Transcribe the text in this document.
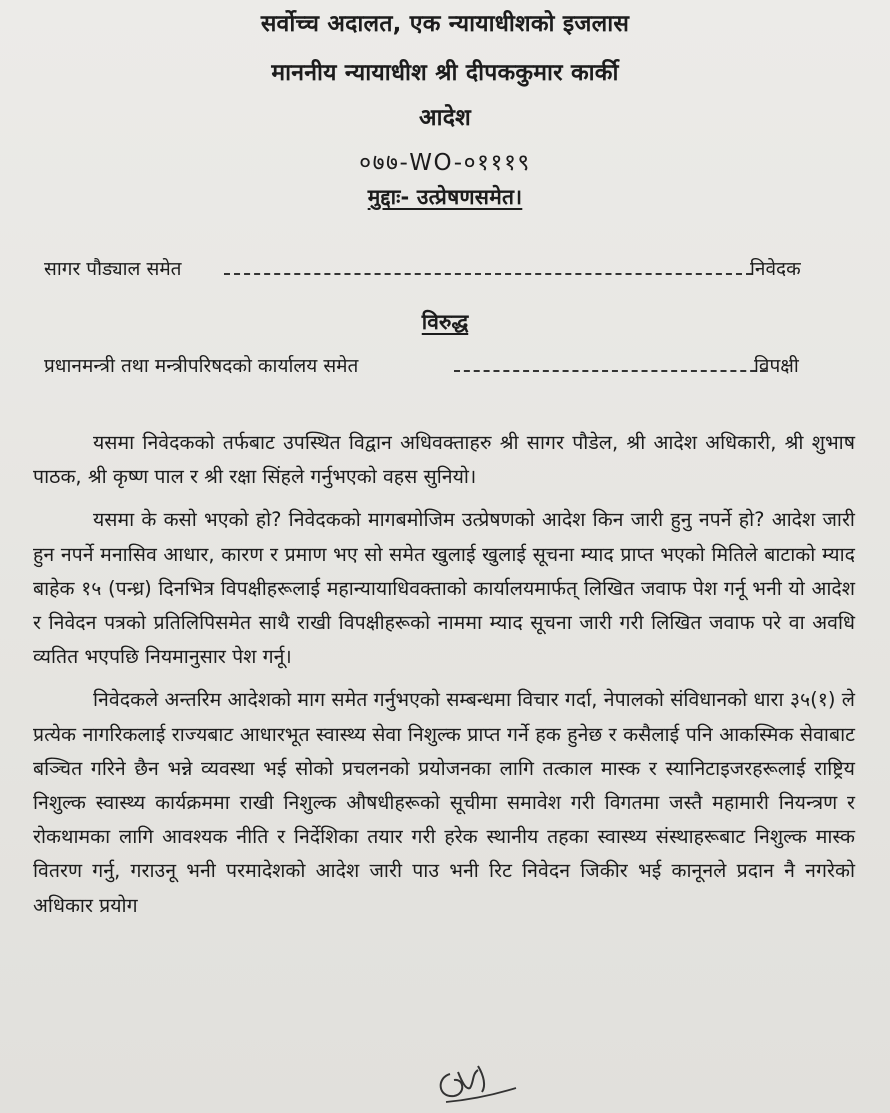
सर्वोच्च अदालत, एक न्यायाधीशको इजलास
माननीय न्यायाधीश श्री दीपककुमार कार्की
आदेश
०७७-WO-०१११९
मुद्दाः- उत्प्रेषणसमेत।
सागर पौड्याल समेत	निवेदक
विरुद्ध
प्रधानमन्त्री तथा मन्त्रीपरिषदको कार्यालय समेत	विपक्षी

यसमा निवेदकको तर्फबाट उपस्थित विद्वान अधिवक्ताहरु श्री सागर पौडेल, श्री आदेश अधिकारी, श्री शुभाष पाठक, श्री कृष्ण पाल र श्री रक्षा सिंहले गर्नुभएको वहस सुनियो।

यसमा के कसो भएको हो? निवेदकको मागबमोजिम उत्प्रेषणको आदेश किन जारी हुनु नपर्ने हो? आदेश जारी हुन नपर्ने मनासिव आधार, कारण र प्रमाण भए सो समेत खुलाई खुलाई सूचना म्याद प्राप्त भएको मितिले बाटाको म्याद बाहेक १५ (पन्ध्र) दिनभित्र विपक्षीहरूलाई महान्यायाधिवक्ताको कार्यालयमार्फत् लिखित जवाफ पेश गर्नू भनी यो आदेश र निवेदन पत्रको प्रतिलिपिसमेत साथै राखी विपक्षीहरूको नाममा म्याद सूचना जारी गरी लिखित जवाफ परे वा अवधि व्यतित भएपछि नियमानुसार पेश गर्नू।

निवेदकले अन्तरिम आदेशको माग समेत गर्नुभएको सम्बन्धमा विचार गर्दा, नेपालको संविधानको धारा ३५(१) ले प्रत्येक नागरिकलाई राज्यबाट आधारभूत स्वास्थ्य सेवा निशुल्क प्राप्त गर्ने हक हुनेछ र कसैलाई पनि आकस्मिक सेवाबाट बञ्चित गरिने छैन भन्ने व्यवस्था भई सोको प्रचलनको प्रयोजनका लागि तत्काल मास्क र स्यानिटाइजरहरूलाई राष्ट्रिय निशुल्क स्वास्थ्य कार्यक्रममा राखी निशुल्क औषधीहरूको सूचीमा समावेश गरी विगतमा जस्तै महामारी नियन्त्रण र रोकथामका लागि आवश्यक नीति र निर्देशिका तयार गरी हरेक स्थानीय तहका स्वास्थ्य संस्थाहरूबाट निशुल्क मास्क वितरण गर्नु, गराउनू भनी परमादेशको आदेश जारी पाउ भनी रिट निवेदन जिकीर भई कानूनले प्रदान नै नगरेको अधिकार प्रयोग
